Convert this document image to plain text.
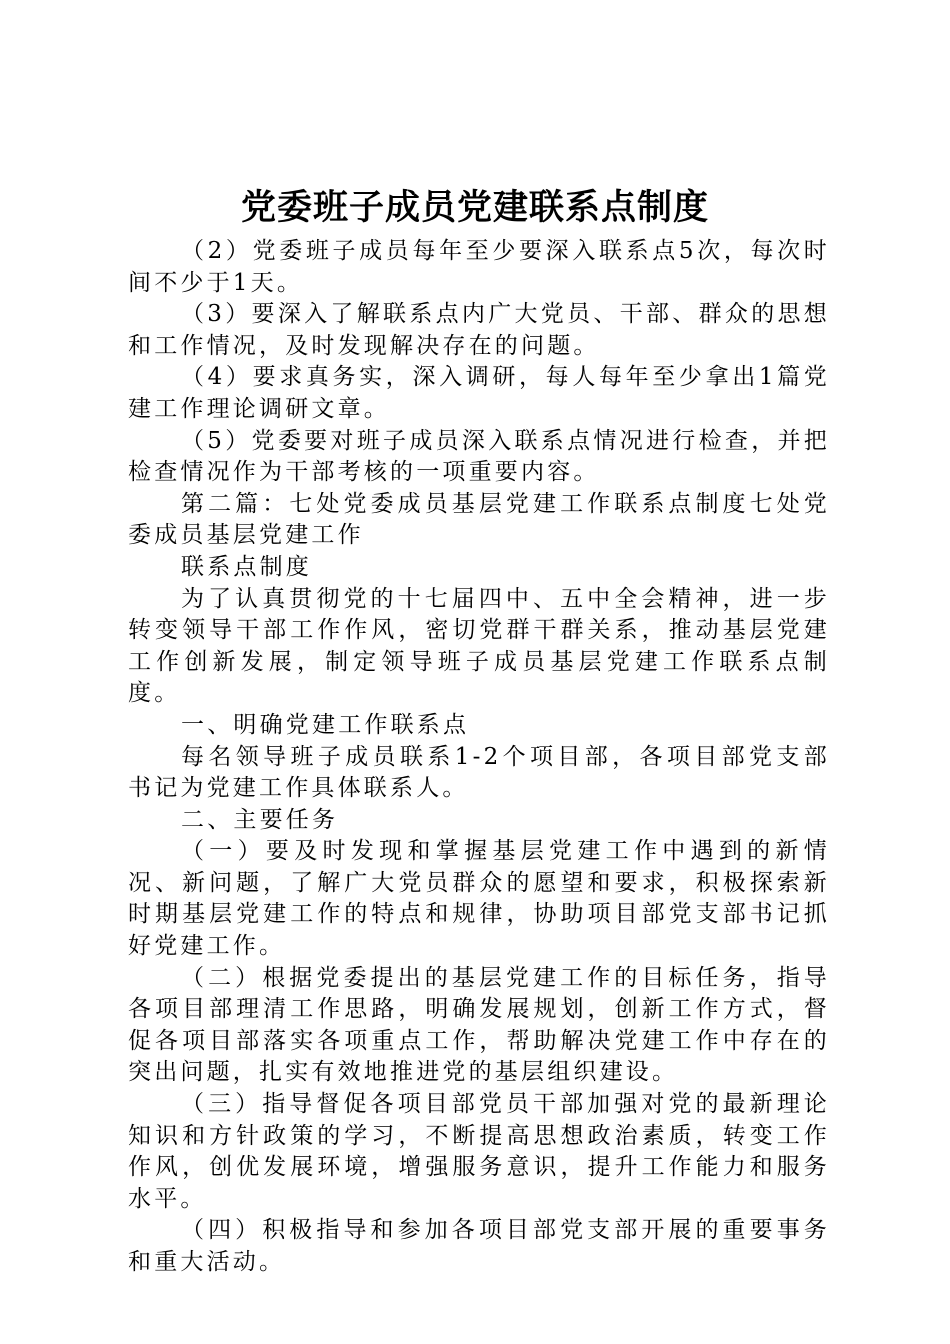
党委班子成员党建联系点制度

（2）党委班子成员每年至少要深入联系点5次，每次时间不少于1天。

（3）要深入了解联系点内广大党员、干部、群众的思想和工作情况，及时发现解决存在的问题。

（4）要求真务实，深入调研，每人每年至少拿出1篇党建工作理论调研文章。

（5）党委要对班子成员深入联系点情况进行检查，并把检查情况作为干部考核的一项重要内容。

第二篇：七处党委成员基层党建工作联系点制度七处党委成员基层党建工作

联系点制度

为了认真贯彻党的十七届四中、五中全会精神，进一步转变领导干部工作作风，密切党群干群关系，推动基层党建工作创新发展，制定领导班子成员基层党建工作联系点制度。

一、明确党建工作联系点

每名领导班子成员联系1-2个项目部，各项目部党支部书记为党建工作具体联系人。

二、主要任务

（一）要及时发现和掌握基层党建工作中遇到的新情况、新问题，了解广大党员群众的愿望和要求，积极探索新时期基层党建工作的特点和规律，协助项目部党支部书记抓好党建工作。

（二）根据党委提出的基层党建工作的目标任务，指导各项目部理清工作思路，明确发展规划，创新工作方式，督促各项目部落实各项重点工作，帮助解决党建工作中存在的突出问题，扎实有效地推进党的基层组织建设。

（三）指导督促各项目部党员干部加强对党的最新理论知识和方针政策的学习，不断提高思想政治素质，转变工作作风，创优发展环境，增强服务意识，提升工作能力和服务水平。

（四）积极指导和参加各项目部党支部开展的重要事务和重大活动。
